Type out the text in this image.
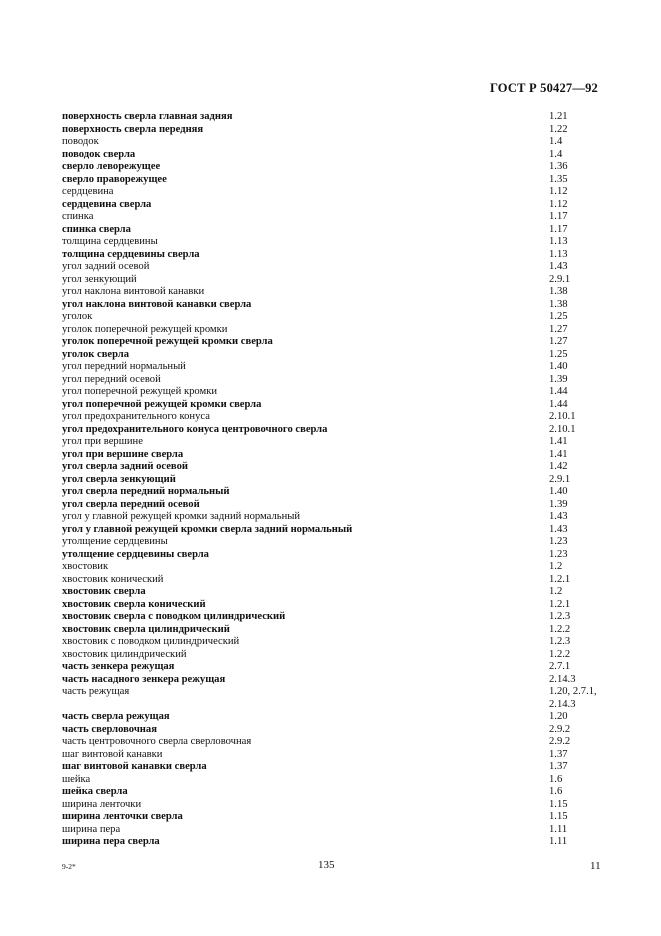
ГОСТ Р 50427—92
поверхность сверла главная задняя	1.21
поверхность сверла передняя	1.22
поводок	1.4
поводок сверла	1.4
сверло леворежущее	1.36
сверло праворежущее	1.35
сердцевина	1.12
сердцевина сверла	1.12
спинка	1.17
спинка сверла	1.17
толщина сердцевины	1.13
толщина сердцевины сверла	1.13
угол задний осевой	1.43
угол зенкующий	2.9.1
угол наклона винтовой канавки	1.38
угол наклона винтовой канавки сверла	1.38
уголок	1.25
уголок поперечной режущей кромки	1.27
уголок поперечной режущей кромки сверла	1.27
уголок сверла	1.25
угол передний нормальный	1.40
угол передний осевой	1.39
угол поперечной режущей кромки	1.44
угол поперечной режущей кромки сверла	1.44
угол предохранительного конуса	2.10.1
угол предохранительного конуса центровочного сверла	2.10.1
угол при вершине	1.41
угол при вершине сверла	1.41
угол сверла задний осевой	1.42
угол сверла зенкующий	2.9.1
угол сверла передний нормальный	1.40
угол сверла передний осевой	1.39
угол у главной режущей кромки задний нормальный	1.43
угол у главной режущей кромки сверла задний нормальный	1.43
утолщение сердцевины	1.23
утолщение сердцевины сверла	1.23
хвостовик	1.2
хвостовик конический	1.2.1
хвостовик сверла	1.2
хвостовик сверла конический	1.2.1
хвостовик сверла с поводком цилиндрический	1.2.3
хвостовик сверла цилиндрический	1.2.2
хвостовик с поводком цилиндрический	1.2.3
хвостовик цилиндрический	1.2.2
часть зенкера режущая	2.7.1
часть насадного зенкера режущая	2.14.3
часть режущая	1.20, 2.7.1,
2.14.3
часть сверла режущая	1.20
часть сверловочная	2.9.2
часть центровочного сверла сверловочная	2.9.2
шаг винтовой канавки	1.37
шаг винтовой канавки сверла	1.37
шейка	1.6
шейка сверла	1.6
ширина ленточки	1.15
ширина ленточки сверла	1.15
ширина пера	1.11
ширина пера сверла	1.11
9-2*	135	11
